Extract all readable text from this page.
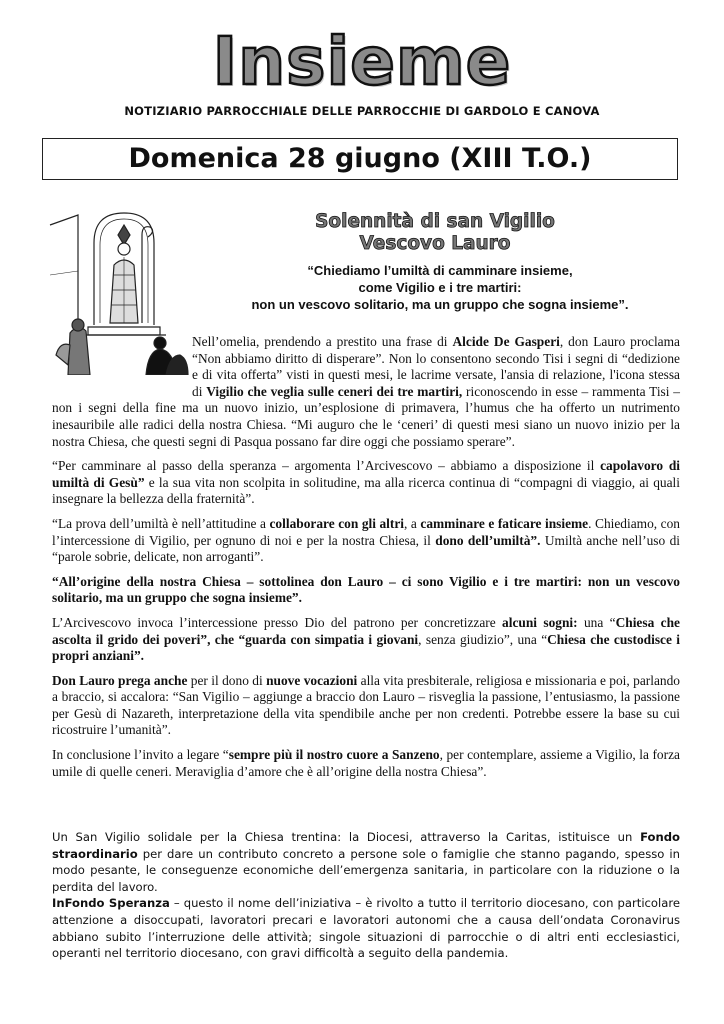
Insieme
NOTIZIARIO PARROCCHIALE DELLE PARROCCHIE DI GARDOLO E CANOVA
Domenica 28 giugno (XIII T.O.)
Solennità di san Vigilio
Vescovo Lauro
“Chiediamo l’umiltà di camminare insieme,
come Vigilio e i tre martiri:
non un vescovo solitario, ma un gruppo che sogna insieme”.

Nell’omelia, prendendo a prestito una frase di Alcide De Gasperi, don Lauro proclama “Non abbiamo diritto di disperare”. Non lo consentono secondo Tisi i segni di “dedizione e di vita offerta” visti in questi mesi, le lacrime versate, l'ansia di relazione, l'icona stessa di Vigilio che veglia sulle ceneri dei tre martiri, riconoscendo in esse – rammenta Tisi – non i segni della fine ma un nuovo inizio, un’esplosione di primavera, l’humus che ha offerto un nutrimento inesauribile alle radici della nostra Chiesa. “Mi auguro che le ‘ceneri’ di questi mesi siano un nuovo inizio per la nostra Chiesa, che questi segni di Pasqua possano far dire oggi che possiamo sperare”.

“Per camminare al passo della speranza – argomenta l’Arcivescovo – abbiamo a disposizione il capolavoro di umiltà di Gesù” e la sua vita non scolpita in solitudine, ma alla ricerca continua di “compagni di viaggio, ai quali insegnare la bellezza della fraternità”.

“La prova dell’umiltà è nell’attitudine a collaborare con gli altri, a camminare e faticare insieme. Chiediamo, con l’intercessione di Vigilio, per ognuno di noi e per la nostra Chiesa, il dono dell’umiltà”. Umiltà anche nell’uso di “parole sobrie, delicate, non arroganti”.

“All’origine della nostra Chiesa – sottolinea don Lauro – ci sono Vigilio e i tre martiri: non un vescovo solitario, ma un gruppo che sogna insieme”.

L’Arcivescovo invoca l’intercessione presso Dio del patrono per concretizzare alcuni sogni: una “Chiesa che ascolta il grido dei poveri”, che “guarda con simpatia i giovani, senza giudizio”, una “Chiesa che custodisce i propri anziani”.

Don Lauro prega anche per il dono di nuove vocazioni alla vita presbiterale, religiosa e missionaria e poi, parlando a braccio, si accalora: “San Vigilio – aggiunge a braccio don Lauro – risveglia la passione, l’entusiasmo, la passione per Gesù di Nazareth, interpretazione della vita spendibile anche per non credenti. Potrebbe essere la base su cui ricostruire l’umanità”.

In conclusione l’invito a legare “sempre più il nostro cuore a Sanzeno, per contemplare, assieme a Vigilio, la forza umile di quelle ceneri. Meraviglia d’amore che è all’origine della nostra Chiesa”.

Un San Vigilio solidale per la Chiesa trentina: la Diocesi, attraverso la Caritas, istituisce un Fondo straordinario per dare un contributo concreto a persone sole o famiglie che stanno pagando, spesso in modo pesante, le conseguenze economiche dell’emergenza sanitaria, in particolare con la riduzione o la perdita del lavoro.

InFondo Speranza – questo il nome dell’iniziativa – è rivolto a tutto il territorio diocesano, con particolare attenzione a disoccupati, lavoratori precari e lavoratori autonomi che a causa dell’ondata Coronavirus abbiano subito l’interruzione delle attività; singole situazioni di parrocchie o di altri enti ecclesiastici, operanti nel territorio diocesano, con gravi difficoltà a seguito della pandemia.
